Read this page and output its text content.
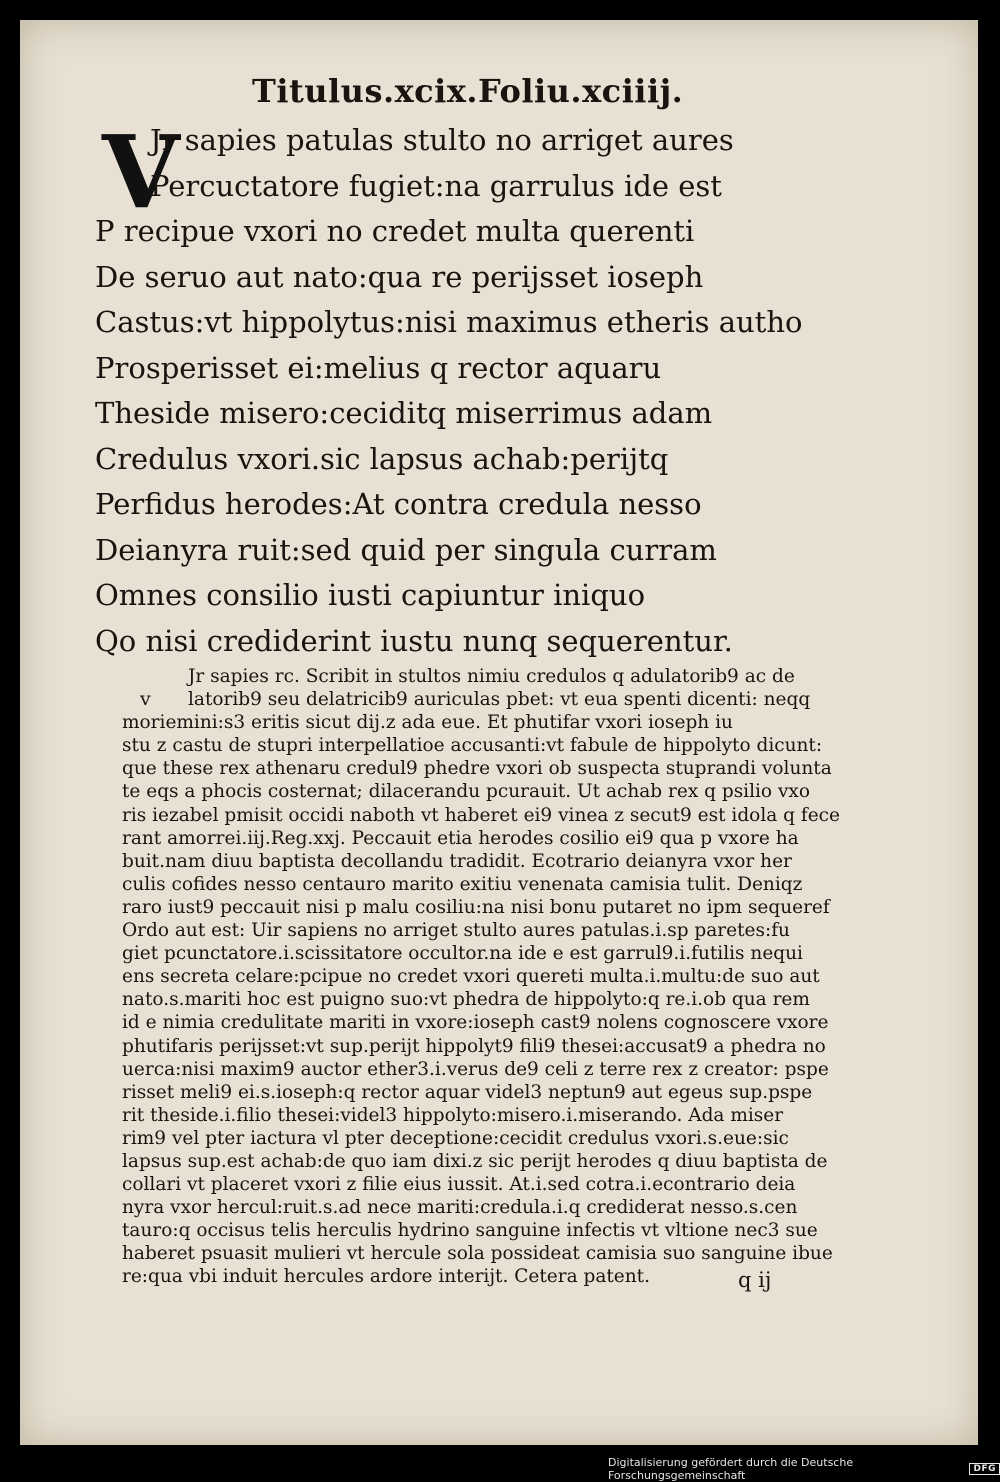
Titulus.xcix.Foliu.xciiij.
V
Jr sapies patulas stulto no arriget aures
Percuctatore fugiet:na garrulus ide est
P recipue vxori no credet multa querenti
De seruo aut nato:qua re perijsset ioseph
Castus:vt hippolytus:nisi maximus etheris autho
Prosperisset ei:melius q rector aquaru
Theside misero:ceciditq miserrimus adam
Credulus vxori.sic lapsus achab:perijtq
Perfidus herodes:At contra credula nesso
Deianyra ruit:sed quid per singula curram
Omnes consilio iusti capiuntur iniquo
Qo nisi crediderint iustu nunq sequerentur.
v
Jr sapies rc. Scribit in stultos nimiu credulos q adulatorib9 ac de
latorib9 seu delatricib9 auriculas pbet: vt eua spenti dicenti: neqq
moriemini:s3 eritis sicut dij.z ada eue. Et phutifar vxori ioseph iu
stu z castu de stupri interpellatioe accusanti:vt fabule de hippolyto dicunt:
que these rex athenaru credul9 phedre vxori ob suspecta stuprandi volunta
te eqs a phocis costernat; dilacerandu pcurauit. Ut achab rex q psilio vxo
ris iezabel pmisit occidi naboth vt haberet ei9 vinea z secut9 est idola q fece
rant amorrei.iij.Reg.xxj. Peccauit etia herodes cosilio ei9 qua p vxore ha
buit.nam diuu baptista decollandu tradidit. Ecotrario deianyra vxor her
culis cofides nesso centauro marito exitiu venenata camisia tulit. Deniqz
raro iust9 peccauit nisi p malu cosiliu:na nisi bonu putaret no ipm sequeref
Ordo aut est: Uir sapiens no arriget stulto aures patulas.i.sp paretes:fu
giet pcunctatore.i.scissitatore occultor.na ide e est garrul9.i.futilis nequi
ens secreta celare:pcipue no credet vxori quereti multa.i.multu:de suo aut
nato.s.mariti hoc est puigno suo:vt phedra de hippolyto:q re.i.ob qua rem
id e nimia credulitate mariti in vxore:ioseph cast9 nolens cognoscere vxore
phutifaris perijsset:vt sup.perijt hippolyt9 fili9 thesei:accusat9 a phedra no
uerca:nisi maxim9 auctor ether3.i.verus de9 celi z terre rex z creator: pspe
risset meli9 ei.s.ioseph:q rector aquar videl3 neptun9 aut egeus sup.pspe
rit theside.i.filio thesei:videl3 hippolyto:misero.i.miserando. Ada miser
rim9 vel pter iactura vl pter deceptione:cecidit credulus vxori.s.eue:sic
lapsus sup.est achab:de quo iam dixi.z sic perijt herodes q diuu baptista de
collari vt placeret vxori z filie eius iussit. At.i.sed cotra.i.econtrario deia
nyra vxor hercul:ruit.s.ad nece mariti:credula.i.q crediderat nesso.s.cen
tauro:q occisus telis herculis hydrino sanguine infectis vt vltione nec3 sue
haberet psuasit mulieri vt hercule sola possideat camisia suo sanguine ibue
re:qua vbi induit hercules ardore interijt. Cetera patent.	q ij
Digitalisierung gefördert durch die Deutsche Forschungsgemeinschaft	DFG
